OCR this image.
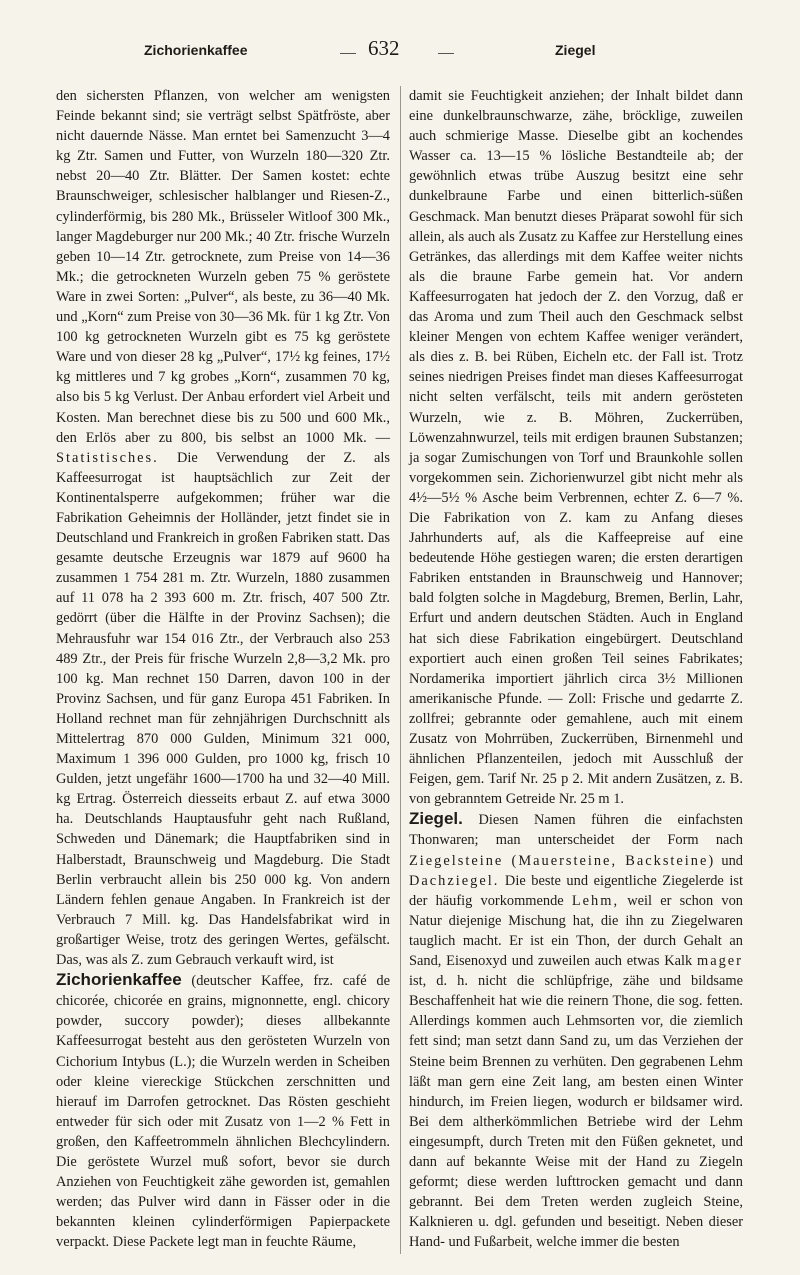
Zichorienkaffee	632	Ziegel

den sichersten Pflanzen, von welcher am wenigsten Feinde bekannt sind; sie verträgt selbst Spätfröste, aber nicht dauernde Nässe. Man erntet bei Samenzucht 3—4 kg Ztr. Samen und Futter, von Wurzeln 180—320 Ztr. nebst 20—40 Ztr. Blätter. Der Samen kostet: echte Braunschweiger, schlesischer halblanger und Riesen-Z., cylinderförmig, bis 280 Mk., Brüsseler Witloof 300 Mk., langer Magdeburger nur 200 Mk.; 40 Ztr. frische Wurzeln geben 10—14 Ztr. getrocknete, zum Preise von 14—36 Mk.; die getrockneten Wurzeln geben 75 % geröstete Ware in zwei Sorten: „Pulver“, als beste, zu 36—40 Mk. und „Korn“ zum Preise von 30—36 Mk. für 1 kg Ztr. Von 100 kg getrockneten Wurzeln gibt es 75 kg geröstete Ware und von dieser 28 kg „Pulver“, 17½ kg feines, 17½ kg mittleres und 7 kg grobes „Korn“, zusammen 70 kg, also bis 5 kg Verlust. Der Anbau erfordert viel Arbeit und Kosten. Man berechnet diese bis zu 500 und 600 Mk., den Erlös aber zu 800, bis selbst an 1000 Mk. — Statistisches. Die Verwendung der Z. als Kaffeesurrogat ist hauptsächlich zur Zeit der Kontinentalsperre aufgekommen; früher war die Fabrikation Geheimnis der Holländer, jetzt findet sie in Deutschland und Frankreich in großen Fabriken statt. Das gesamte deutsche Erzeugnis war 1879 auf 9600 ha zusammen 1 754 281 m. Ztr. Wurzeln, 1880 zusammen auf 11 078 ha 2 393 600 m. Ztr. frisch, 407 500 Ztr. gedörrt (über die Hälfte in der Provinz Sachsen); die Mehrausfuhr war 154 016 Ztr., der Verbrauch also 253 489 Ztr., der Preis für frische Wurzeln 2,8—3,2 Mk. pro 100 kg. Man rechnet 150 Darren, davon 100 in der Provinz Sachsen, und für ganz Europa 451 Fabriken. In Holland rechnet man für zehnjährigen Durchschnitt als Mittelertrag 870 000 Gulden, Minimum 321 000, Maximum 1 396 000 Gulden, pro 1000 kg, frisch 10 Gulden, jetzt ungefähr 1600—1700 ha und 32—40 Mill. kg Ertrag. Österreich diesseits erbaut Z. auf etwa 3000 ha. Deutschlands Hauptausfuhr geht nach Rußland, Schweden und Dänemark; die Hauptfabriken sind in Halberstadt, Braunschweig und Magdeburg. Die Stadt Berlin verbraucht allein bis 250 000 kg. Von andern Ländern fehlen genaue Angaben. In Frankreich ist der Verbrauch 7 Mill. kg. Das Handelsfabrikat wird in großartiger Weise, trotz des geringen Wertes, gefälscht. Das, was als Z. zum Gebrauch verkauft wird, ist

Zichorienkaffee (deutscher Kaffee, frz. café de chicorée, chicorée en grains, mignonnette, engl. chicory powder, succory powder); dieses allbekannte Kaffeesurrogat besteht aus den gerösteten Wurzeln von Cichorium Intybus (L.); die Wurzeln werden in Scheiben oder kleine viereckige Stückchen zerschnitten und hierauf im Darrofen getrocknet. Das Rösten geschieht entweder für sich oder mit Zusatz von 1—2 % Fett in großen, den Kaffeetrommeln ähnlichen Blechcylindern. Die geröstete Wurzel muß sofort, bevor sie durch Anziehen von Feuchtigkeit zähe geworden ist, gemahlen werden; das Pulver wird dann in Fässer oder in die bekannten kleinen cylinderförmigen Papierpackete verpackt. Diese Packete legt man in feuchte Räume,

damit sie Feuchtigkeit anziehen; der Inhalt bildet dann eine dunkelbraunschwarze, zähe, bröcklige, zuweilen auch schmierige Masse. Dieselbe gibt an kochendes Wasser ca. 13—15 % lösliche Bestandteile ab; der gewöhnlich etwas trübe Auszug besitzt eine sehr dunkelbraune Farbe und einen bitterlich-süßen Geschmack. Man benutzt dieses Präparat sowohl für sich allein, als auch als Zusatz zu Kaffee zur Herstellung eines Getränkes, das allerdings mit dem Kaffee weiter nichts als die braune Farbe gemein hat. Vor andern Kaffeesurrogaten hat jedoch der Z. den Vorzug, daß er das Aroma und zum Theil auch den Geschmack selbst kleiner Mengen von echtem Kaffee weniger verändert, als dies z. B. bei Rüben, Eicheln etc. der Fall ist. Trotz seines niedrigen Preises findet man dieses Kaffeesurrogat nicht selten verfälscht, teils mit andern gerösteten Wurzeln, wie z. B. Möhren, Zuckerrüben, Löwenzahnwurzel, teils mit erdigen braunen Substanzen; ja sogar Zumischungen von Torf und Braunkohle sollen vorgekommen sein. Zichorienwurzel gibt nicht mehr als 4½—5½ % Asche beim Verbrennen, echter Z. 6—7 %. Die Fabrikation von Z. kam zu Anfang dieses Jahrhunderts auf, als die Kaffeepreise auf eine bedeutende Höhe gestiegen waren; die ersten derartigen Fabriken entstanden in Braunschweig und Hannover; bald folgten solche in Magdeburg, Bremen, Berlin, Lahr, Erfurt und andern deutschen Städten. Auch in England hat sich diese Fabrikation eingebürgert. Deutschland exportiert auch einen großen Teil seines Fabrikates; Nordamerika importiert jährlich circa 3½ Millionen amerikanische Pfunde. — Zoll: Frische und gedarrte Z. zollfrei; gebrannte oder gemahlene, auch mit einem Zusatz von Mohrrüben, Zuckerrüben, Birnenmehl und ähnlichen Pflanzenteilen, jedoch mit Ausschluß der Feigen, gem. Tarif Nr. 25 p 2. Mit andern Zusätzen, z. B. von gebranntem Getreide Nr. 25 m 1.

Ziegel. Diesen Namen führen die einfachsten Thonwaren; man unterscheidet der Form nach Ziegelsteine (Mauersteine, Backsteine) und Dachziegel. Die beste und eigentliche Ziegelerde ist der häufig vorkommende Lehm, weil er schon von Natur diejenige Mischung hat, die ihn zu Ziegelwaren tauglich macht. Er ist ein Thon, der durch Gehalt an Sand, Eisenoxyd und zuweilen auch etwas Kalk mager ist, d. h. nicht die schlüpfrige, zähe und bildsame Beschaffenheit hat wie die reinern Thone, die sog. fetten. Allerdings kommen auch Lehmsorten vor, die ziemlich fett sind; man setzt dann Sand zu, um das Verziehen der Steine beim Brennen zu verhüten. Den gegrabenen Lehm läßt man gern eine Zeit lang, am besten einen Winter hindurch, im Freien liegen, wodurch er bildsamer wird. Bei dem altherkömmlichen Betriebe wird der Lehm eingesumpft, durch Treten mit den Füßen geknetet, und dann auf bekannte Weise mit der Hand zu Ziegeln geformt; diese werden lufttrocken gemacht und dann gebrannt. Bei dem Treten werden zugleich Steine, Kalknieren u. dgl. gefunden und beseitigt. Neben dieser Hand- und Fußarbeit, welche immer die besten
